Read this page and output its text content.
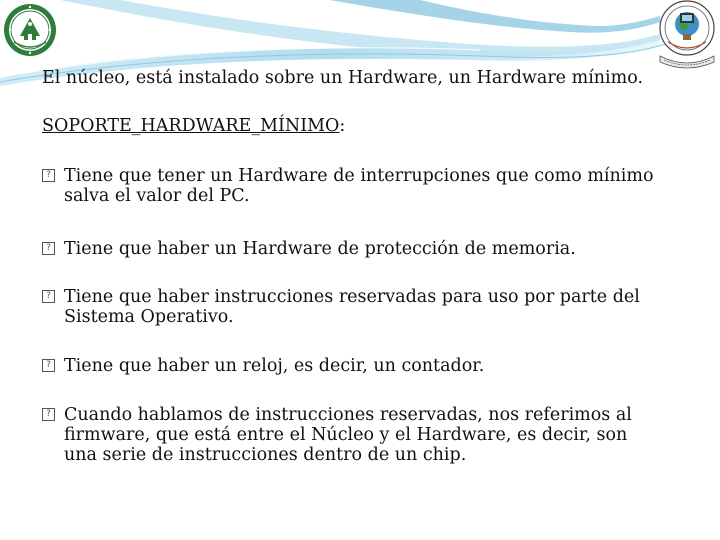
El núcleo, está instalado sobre un Hardware, un Hardware mínimo.

SOPORTE_HARDWARE_MÍNIMO:

? Tiene que tener un Hardware de interrupciones que como mínimo salva el valor del PC.

? Tiene que haber un Hardware de protección de memoria.

? Tiene que haber instrucciones reservadas para uso por parte del Sistema Operativo.

? Tiene que haber un reloj, es decir, un contador.

? Cuando hablamos de instrucciones reservadas, nos referimos al firmware, que está entre el Núcleo y el Hardware, es decir, son una serie de instrucciones dentro de un chip.
